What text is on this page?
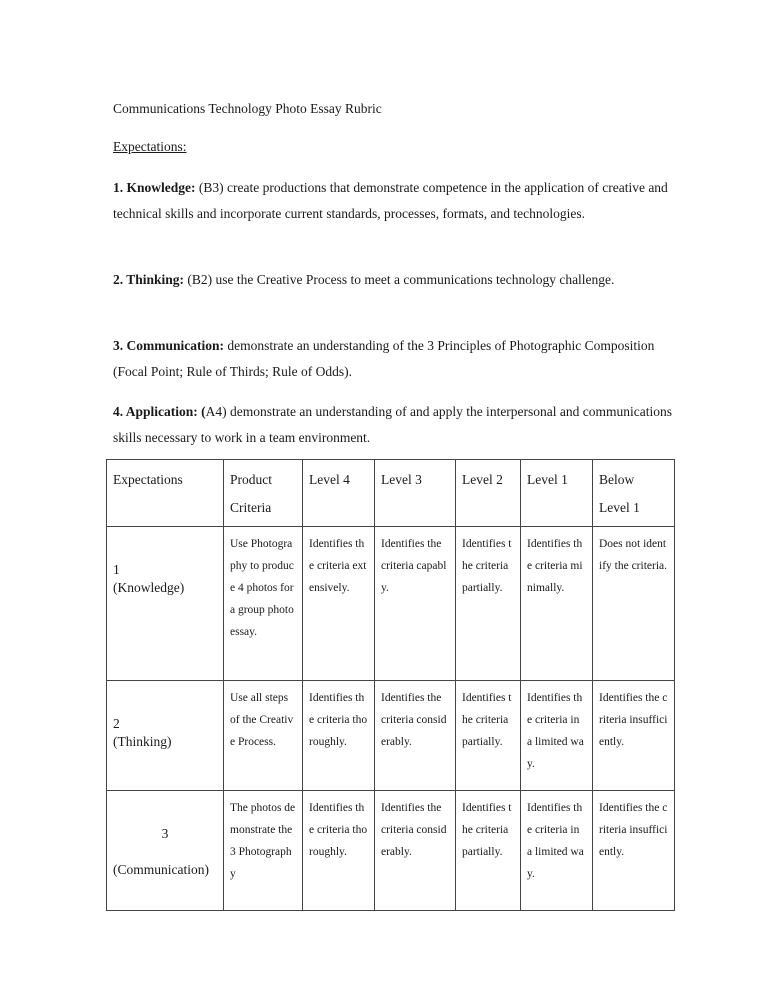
Communications Technology Photo Essay Rubric

Expectations:

1. Knowledge: (B3) create productions that demonstrate competence in the application of creative and technical skills and incorporate current standards, processes, formats, and technologies.

2. Thinking: (B2) use the Creative Process to meet a communications technology challenge.

3. Communication: demonstrate an understanding of the 3 Principles of Photographic Composition (Focal Point; Rule of Thirds; Rule of Odds).

4. Application: (A4) demonstrate an understanding of and apply the interpersonal and communications skills necessary to work in a team environment.

Expectations	Product Criteria	Level 4	Level 3	Level 2	Level 1	Below Level 1

1
(Knowledge)	Use Photography to produce 4 photos for a group photo essay.	Identifies the criteria extensively.	Identifies the criteria capably.	Identifies the criteria partially.	Identifies the criteria minimally.	Does not identify the criteria.

2
(Thinking)	Use all steps of the Creative Process.	Identifies the criteria thoroughly.	Identifies the criteria considerably.	Identifies the criteria partially.	Identifies the criteria in a limited way.	Identifies the criteria insufficiently.

3
(Communication)	The photos demonstrate the 3 Photography	Identifies the criteria thoroughly.	Identifies the criteria considerably.	Identifies the criteria partially.	Identifies the criteria in a limited way.	Identifies the criteria insufficiently.
